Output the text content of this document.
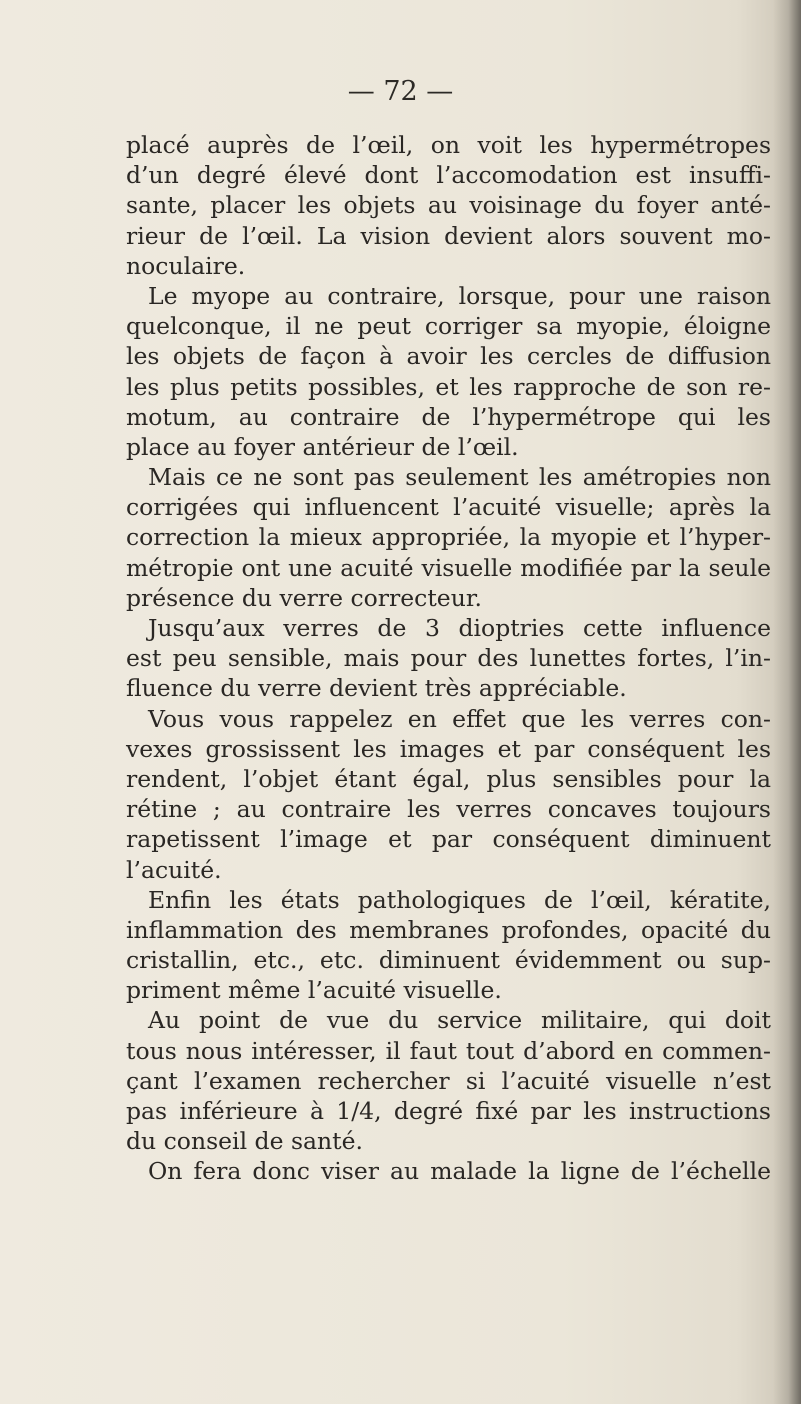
— 72 —
placé auprès de l’œil, on voit les hypermétropes
d’un degré élevé dont l’accomodation est insuffi-
sante, placer les objets au voisinage du foyer anté-
rieur de l’œil. La vision devient alors souvent mo-
noculaire.
Le myope au contraire, lorsque, pour une raison
quelconque, il ne peut corriger sa myopie, éloigne
les objets de façon à avoir les cercles de diffusion
les plus petits possibles, et les rapproche de son re-
motum, au contraire de l’hypermétrope qui les
place au foyer antérieur de l’œil.
Mais ce ne sont pas seulement les amétropies non
corrigées qui influencent l’acuité visuelle; après la
correction la mieux appropriée, la myopie et l’hyper-
métropie ont une acuité visuelle modifiée par la seule
présence du verre correcteur.
Jusqu’aux verres de 3 dioptries cette influence
est peu sensible, mais pour des lunettes fortes, l’in-
fluence du verre devient très appréciable.
Vous vous rappelez en effet que les verres con-
vexes grossissent les images et par conséquent les
rendent, l’objet étant égal, plus sensibles pour la
rétine ; au contraire les verres concaves toujours
rapetissent l’image et par conséquent diminuent
l’acuité.
Enfin les états pathologiques de l’œil, kératite,
inflammation des membranes profondes, opacité du
cristallin, etc., etc. diminuent évidemment ou sup-
priment même l’acuité visuelle.
Au point de vue du service militaire, qui doit
tous nous intéresser, il faut tout d’abord en commen-
çant l’examen rechercher si l’acuité visuelle n’est
pas inférieure à 1/4, degré fixé par les instructions
du conseil de santé.
On fera donc viser au malade la ligne de l’échelle
